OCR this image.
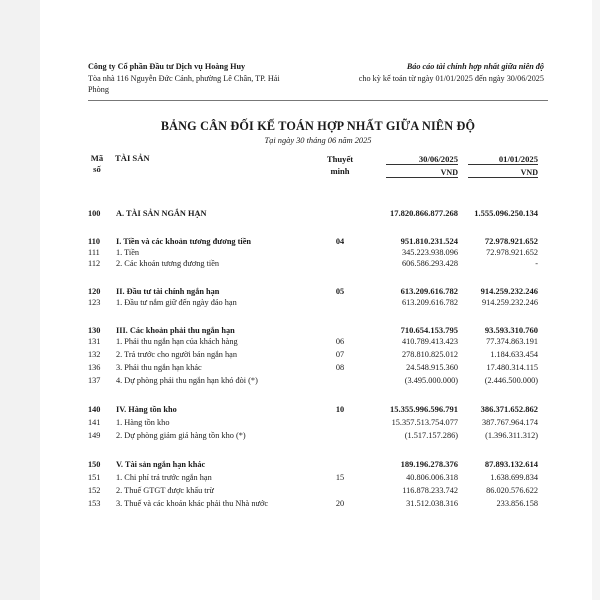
Công ty Cổ phần Đầu tư Dịch vụ Hoàng Huy	Báo cáo tài chính hợp nhất giữa niên độ
Tòa nhà 116 Nguyễn Đức Cảnh, phường Lê Chân, TP. Hải	cho kỳ kế toán từ ngày 01/01/2025 đến ngày 30/06/2025
Phòng
BẢNG CÂN ĐỐI KẾ TOÁN HỢP NHẤT GIỮA NIÊN ĐỘ
Tại ngày 30 tháng 06 năm 2025
Mã
số
TÀI SẢN	Thuyết
minh
30/06/2025	01/01/2025
VND	VND
100	A. TÀI SẢN NGẮN HẠN	17.820.866.877.268	1.555.096.250.134
110	I. Tiền và các khoản tương đương tiền	04	951.810.231.524	72.978.921.652
111	1. Tiền	345.223.938.096	72.978.921.652
112	2. Các khoản tương đương tiền	606.586.293.428	-
120	II. Đầu tư tài chính ngắn hạn	05	613.209.616.782	914.259.232.246
123	1. Đầu tư nắm giữ đến ngày đáo hạn	613.209.616.782	914.259.232.246
130	III. Các khoản phải thu ngắn hạn	710.654.153.795	93.593.310.760
131	1. Phải thu ngắn hạn của khách hàng	06	410.789.413.423	77.374.863.191
132	2. Trả trước cho người bán ngắn hạn	07	278.810.825.012	1.184.633.454
136	3. Phải thu ngắn hạn khác	08	24.548.915.360	17.480.314.115
137	4. Dự phòng phải thu ngắn hạn khó đòi (*)	(3.495.000.000)	(2.446.500.000)
140	IV. Hàng tồn kho	10	15.355.996.596.791	386.371.652.862
141	1. Hàng tồn kho	15.357.513.754.077	387.767.964.174
149	2. Dự phòng giảm giá hàng tồn kho (*)	(1.517.157.286)	(1.396.311.312)
150	V. Tài sản ngắn hạn khác	189.196.278.376	87.893.132.614
151	1. Chi phí trả trước ngắn hạn	15	40.806.006.318	1.638.699.834
152	2. Thuế GTGT được khấu trừ	116.878.233.742	86.020.576.622
153	3. Thuế và các khoản khác phải thu Nhà nước	20	31.512.038.316	233.856.158
